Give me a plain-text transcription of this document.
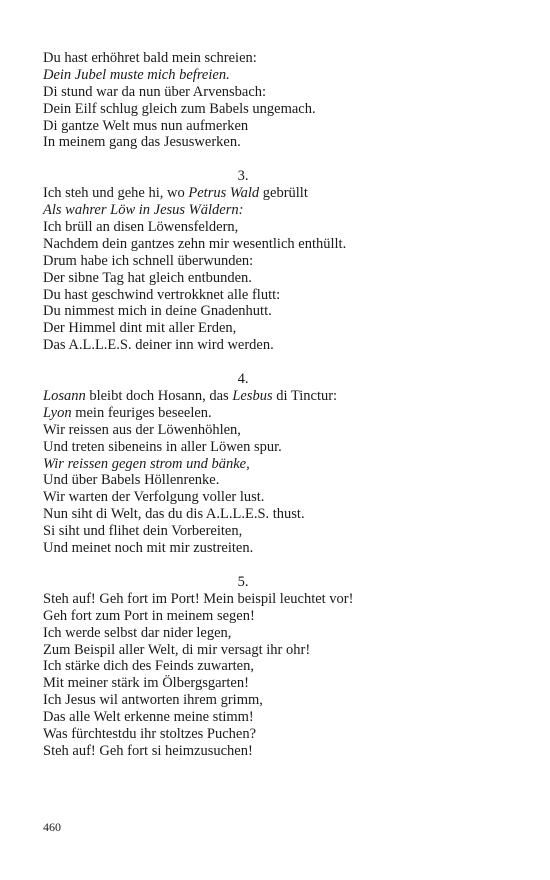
Du hast erhöhret bald mein schreien:
Dein Jubel muste mich befreien.
Di stund war da nun über Arvensbach:
Dein Eilf schlug gleich zum Babels ungemach.
Di gantze Welt mus nun aufmerken
In meinem gang das Jesuswerken.
3.
Ich steh und gehe hi, wo Petrus Wald gebrüllt
Als wahrer Löw in Jesus Wäldern:
Ich brüll an disen Löwensfeldern,
Nachdem dein gantzes zehn mir wesentlich enthüllt.
Drum habe ich schnell überwunden:
Der sibne Tag hat gleich entbunden.
Du hast geschwind vertrokknet alle flutt:
Du nimmest mich in deine Gnadenhutt.
Der Himmel dint mit aller Erden,
Das A.L.L.E.S. deiner inn wird werden.
4.
Losann bleibt doch Hosann, das Lesbus di Tinctur:
Lyon mein feuriges beseelen.
Wir reissen aus der Löwenhöhlen,
Und treten sibeneins in aller Löwen spur.
Wir reissen gegen strom und bänke,
Und über Babels Höllenrenke.
Wir warten der Verfolgung voller lust.
Nun siht di Welt, das du dis A.L.L.E.S. thust.
Si siht und flihet dein Vorbereiten,
Und meinet noch mit mir zustreiten.
5.
Steh auf! Geh fort im Port! Mein beispil leuchtet vor!
Geh fort zum Port in meinem segen!
Ich werde selbst dar nider legen,
Zum Beispil aller Welt, di mir versagt ihr ohr!
Ich stärke dich des Feinds zuwarten,
Mit meiner stärk im Ölbergsgarten!
Ich Jesus wil antworten ihrem grimm,
Das alle Welt erkenne meine stimm!
Was fürchtestdu ihr stoltzes Puchen?
Steh auf! Geh fort si heimzusuchen!
460
